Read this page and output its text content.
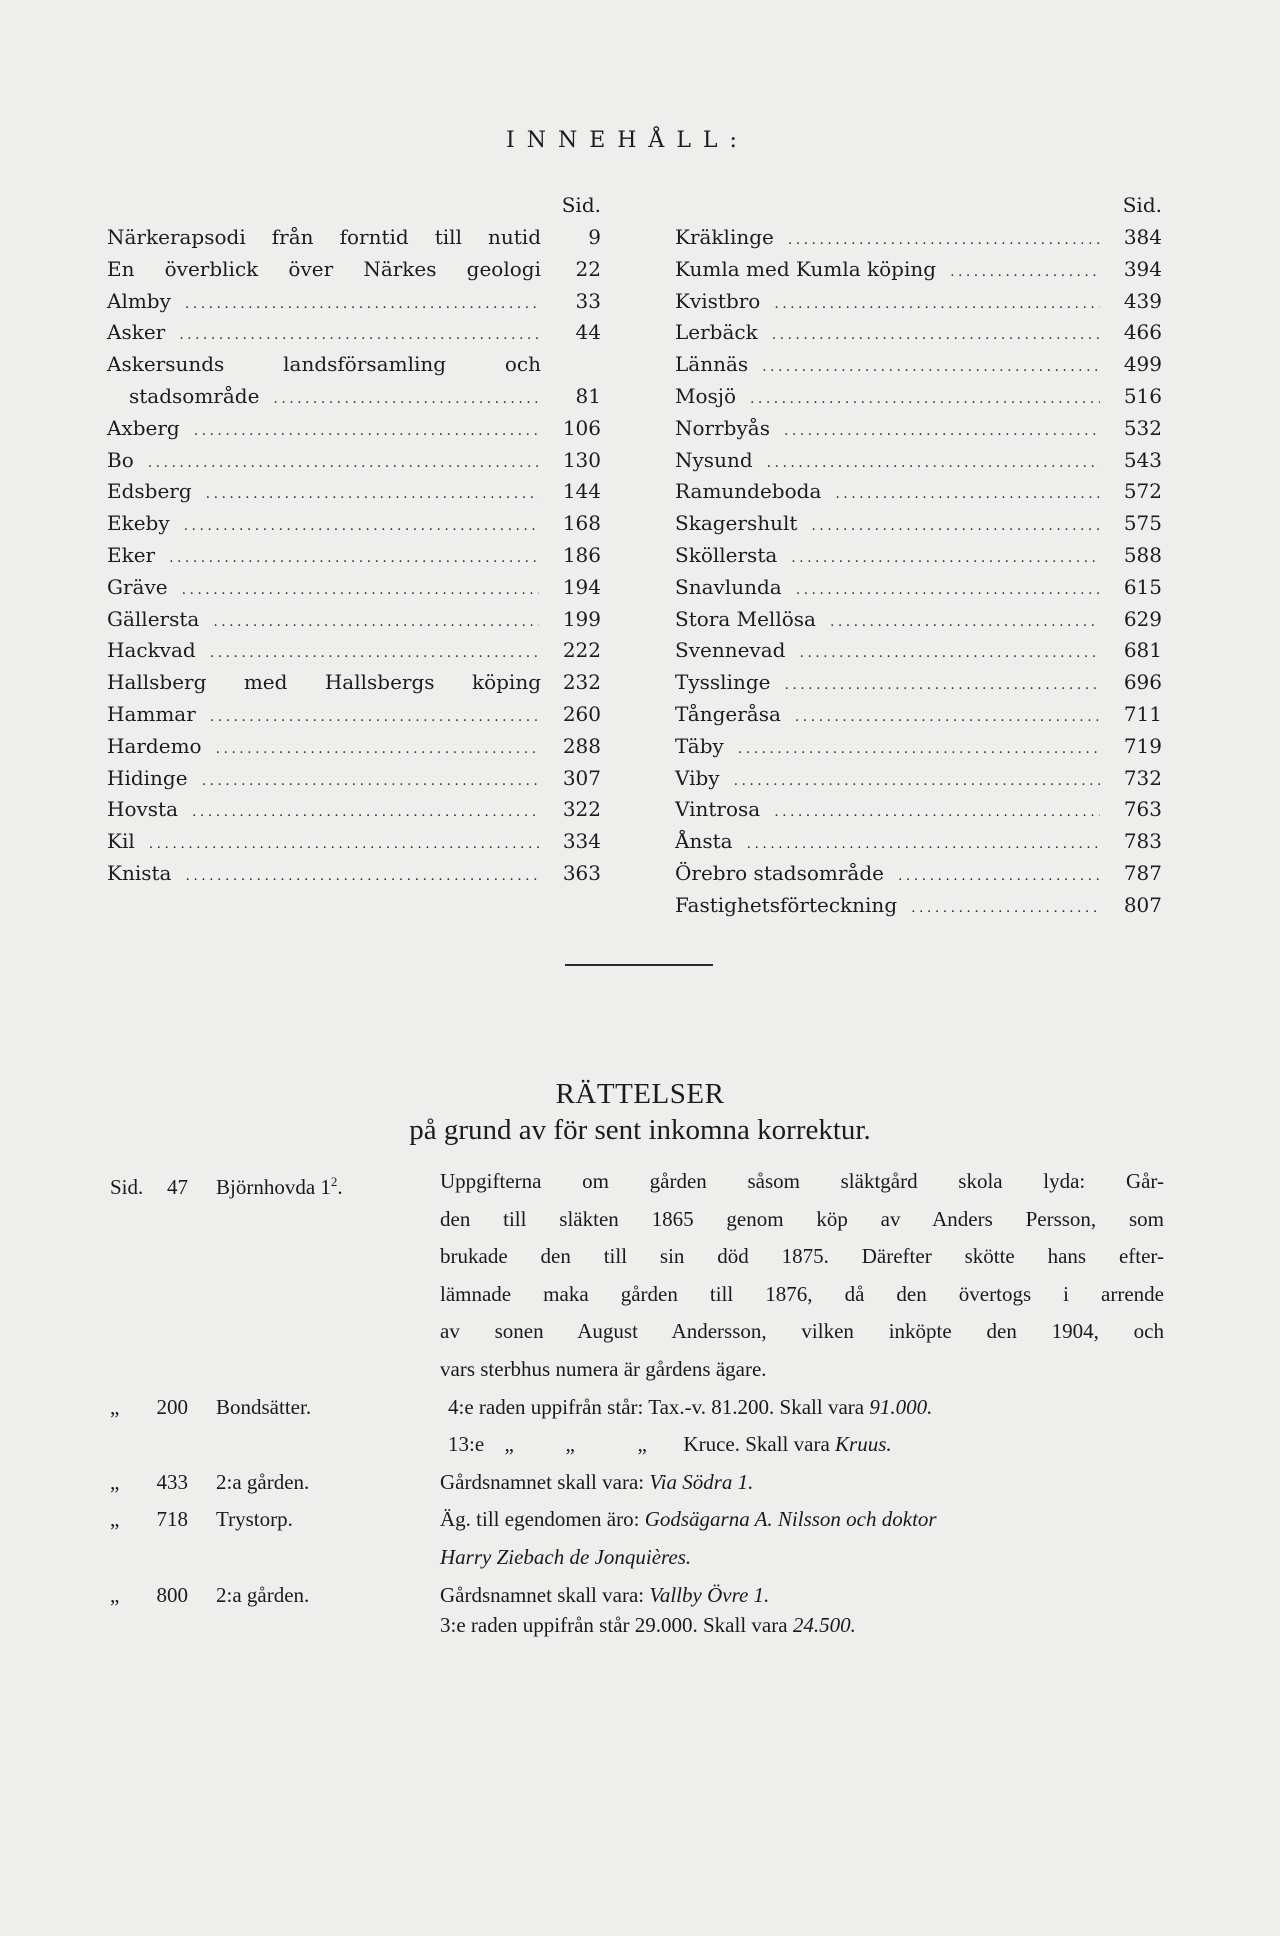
INNEHÅLL:
Sid.
Närkerapsodi från forntid till nutid	9
En överblick över Närkes geologi	22
Almby . . .	33
Asker . . .	44
Askersunds	landsförsamling	och
stadsområde . . .	81
Axberg . . .	106
Bo . . .	130
Edsberg . . .	144
Ekeby . . .	168
Eker . . .	186
Gräve . . .	194
Gällersta . . .	199
Hackvad . . .	222
Hallsberg med Hallsbergs köping	232
Hammar . . .	260
Hardemo . . .	288
Hidinge . . .	307
Hovsta . . .	322
Kil . . .	334
Knista . . .	363
Sid.
Kräklinge . . .	384
Kumla med Kumla köping . . .	394
Kvistbro . . .	439
Lerbäck . . .	466
Lännäs . . .	499
Mosjö . . .	516
Norrbyås . . .	532
Nysund . . .	543
Ramundeboda . . .	572
Skagershult . . .	575
Sköllersta . . .	588
Snavlunda . . .	615
Stora Mellösa . . .	629
Svennevad . . .	681
Tysslinge . . .	696
Tångeråsa . . .	711
Täby . . .	719
Viby . . .	732
Vintrosa . . .	763
Ånsta . . .	783
Örebro stadsområde . . .	787
Fastighetsförteckning . . .	807
RÄTTELSER
på grund av för sent inkomna korrektur.
Sid. 47 Björnhovda $1^2$.	Uppgifterna om gården såsom släktgård skola lyda: Går-
den till släkten 1865 genom köp av Anders Persson, som
brukade den till sin död 1875. Därefter skötte hans efter-
lämnade maka gården till 1876, då den övertogs i arrende
av sonen August Andersson, vilken inköpte den 1904, och
vars sterbhus numera är gårdens ägare.
„ 200 Bondsätter.	4:e raden uppifrån står: Tax.-v. 81.200. Skall vara 91.000.
13:e „ „	„ Kruce. Skall vara Kruus.
„ 433 2:a gården.	Gårdsnamnet skall vara: Via Södra 1.
„ 718 Trystorp.	Äg. till egendomen äro: Godsägarna A. Nilsson och doktor
Harry Ziebach de Jonquières.
„ 800 2:a gården.	Gårdsnamnet skall vara: Vallby Övre 1.
3:e raden uppifrån står 29.000. Skall vara 24.500.
